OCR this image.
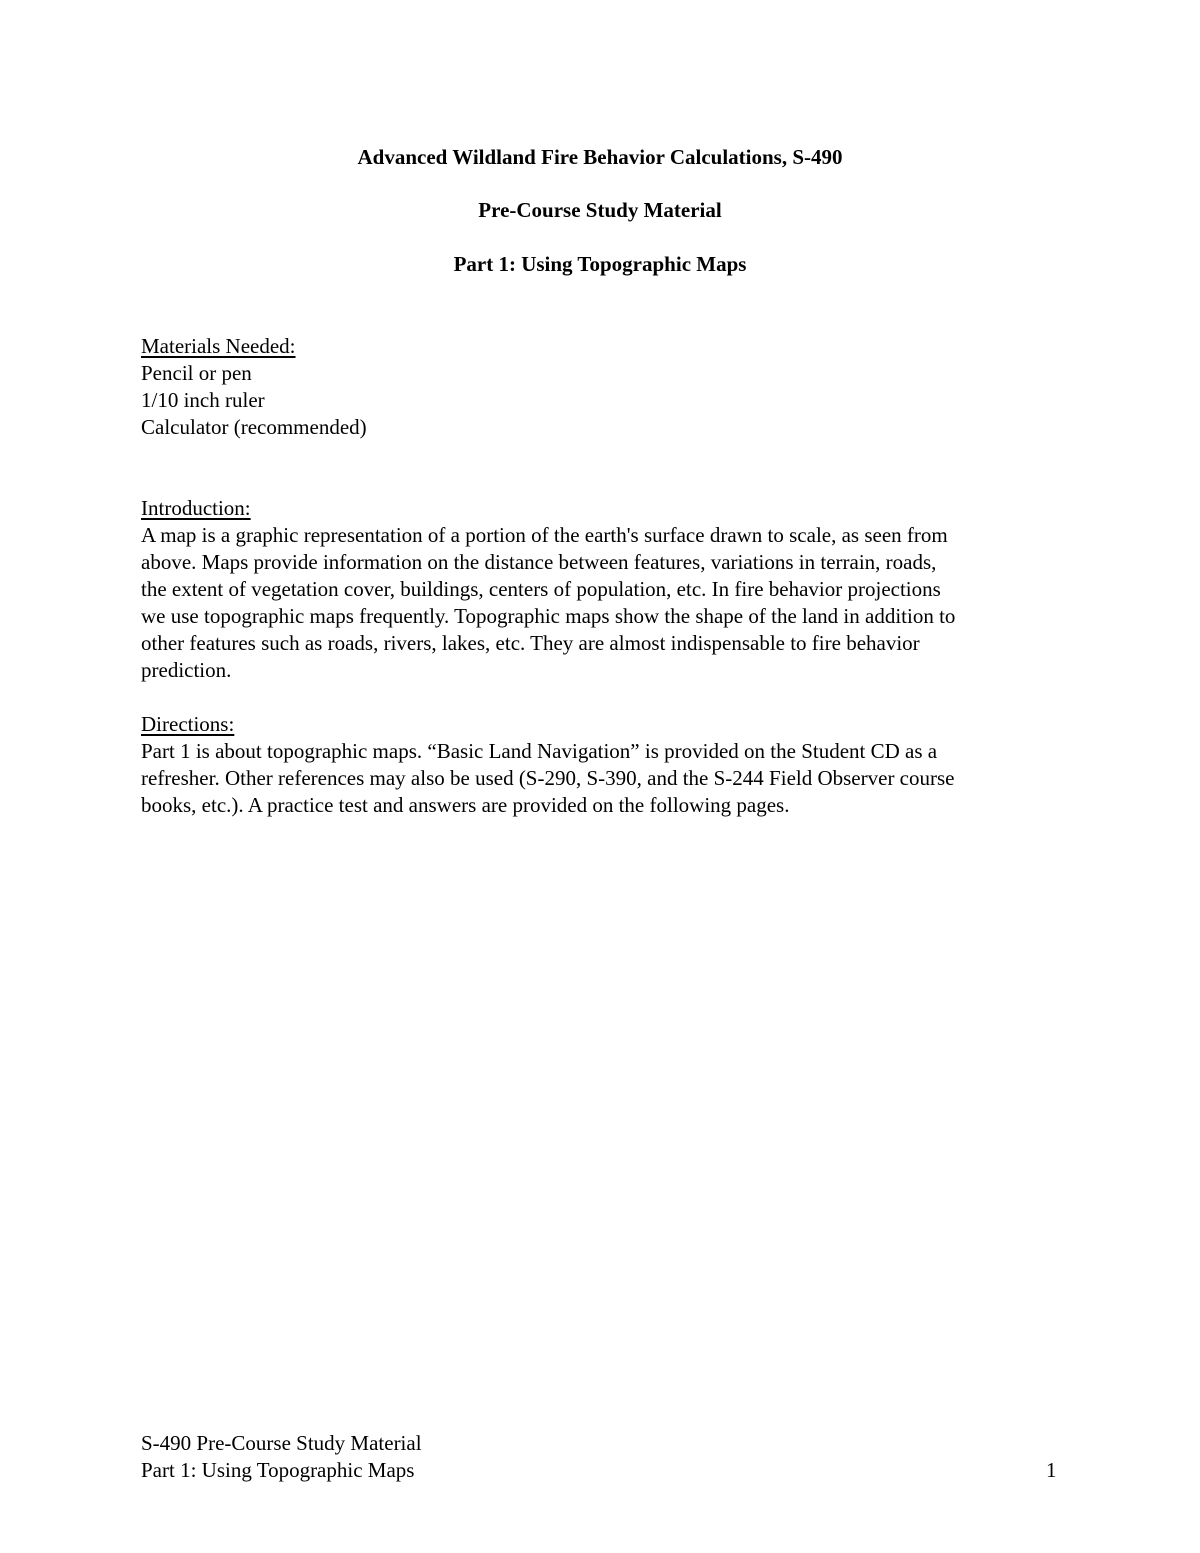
Advanced Wildland Fire Behavior Calculations, S-490
Pre-Course Study Material
Part 1: Using Topographic Maps

Materials Needed:

Pencil or pen

1/10 inch ruler

Calculator (recommended)

Introduction:

A map is a graphic representation of a portion of the earth's surface drawn to scale, as seen from

above. Maps provide information on the distance between features, variations in terrain, roads,

the extent of vegetation cover, buildings, centers of population, etc. In fire behavior projections

we use topographic maps frequently. Topographic maps show the shape of the land in addition to

other features such as roads, rivers, lakes, etc. They are almost indispensable to fire behavior

prediction.

Directions:

Part 1 is about topographic maps. “Basic Land Navigation” is provided on the Student CD as a

refresher. Other references may also be used (S-290, S-390, and the S-244 Field Observer course

books, etc.). A practice test and answers are provided on the following pages.

S-490 Pre-Course Study Material
Part 1: Using Topographic Maps	1
